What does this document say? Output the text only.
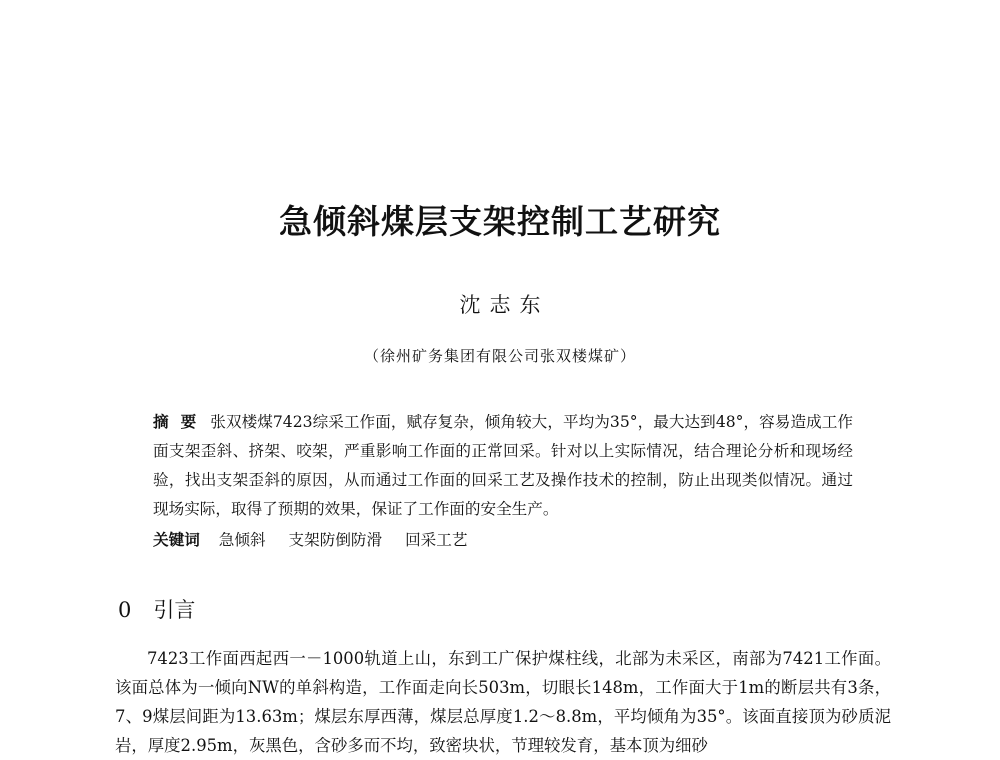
急倾斜煤层支架控制工艺研究
沈志东
（徐州矿务集团有限公司张双楼煤矿）
摘要 张双楼煤7423综采工作面，赋存复杂，倾角较大，平均为35°，最大达到48°，容易造成工作面支架歪斜、挤架、咬架，严重影响工作面的正常回采。针对以上实际情况，结合理论分析和现场经验，找出支架歪斜的原因，从而通过工作面的回采工艺及操作技术的控制，防止出现类似情况。通过现场实际，取得了预期的效果，保证了工作面的安全生产。
关键词 急倾斜 支架防倒防滑 回采工艺
0 引言
7423工作面西起西一－1000轨道上山，东到工广保护煤柱线，北部为未采区，南部为7421工作面。该面总体为一倾向NW的单斜构造，工作面走向长503m，切眼长148m，工作面大于1m的断层共有3条，7、9煤层间距为13.63m；煤层东厚西薄，煤层总厚度1.2～8.8m，平均倾角为35°。该面直接顶为砂质泥岩，厚度2.95m，灰黑色，含砂多而不均，致密块状，节理较发育，基本顶为细砂
